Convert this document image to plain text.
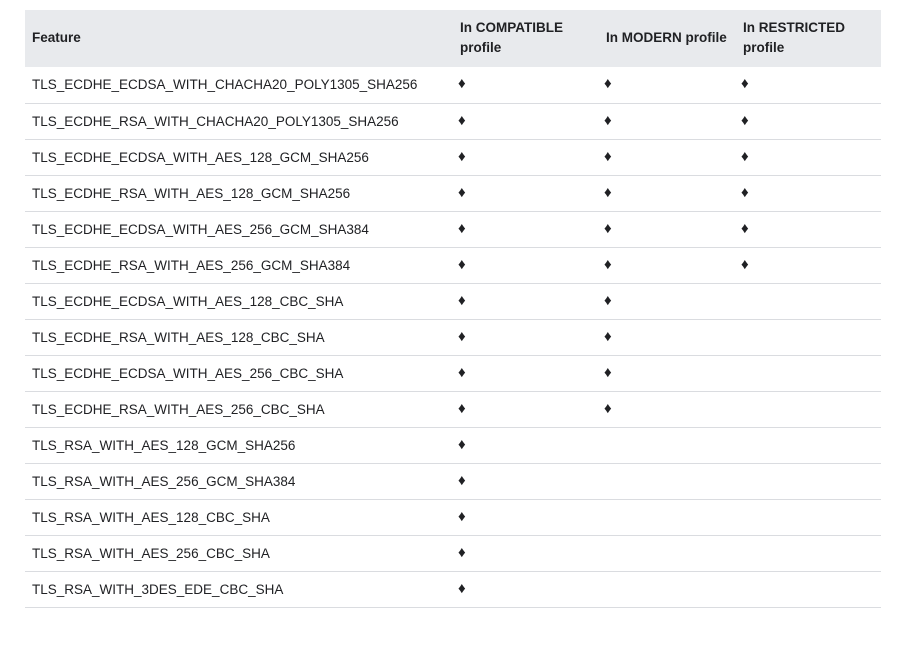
Feature	In COMPATIBLE profile	In MODERN profile	In RESTRICTED profile
TLS_ECDHE_ECDSA_WITH_CHACHA20_POLY1305_SHA256	♦	♦	♦
TLS_ECDHE_RSA_WITH_CHACHA20_POLY1305_SHA256	♦	♦	♦
TLS_ECDHE_ECDSA_WITH_AES_128_GCM_SHA256	♦	♦	♦
TLS_ECDHE_RSA_WITH_AES_128_GCM_SHA256	♦	♦	♦
TLS_ECDHE_ECDSA_WITH_AES_256_GCM_SHA384	♦	♦	♦
TLS_ECDHE_RSA_WITH_AES_256_GCM_SHA384	♦	♦	♦
TLS_ECDHE_ECDSA_WITH_AES_128_CBC_SHA	♦	♦	
TLS_ECDHE_RSA_WITH_AES_128_CBC_SHA	♦	♦	
TLS_ECDHE_ECDSA_WITH_AES_256_CBC_SHA	♦	♦	
TLS_ECDHE_RSA_WITH_AES_256_CBC_SHA	♦	♦	
TLS_RSA_WITH_AES_128_GCM_SHA256	♦		
TLS_RSA_WITH_AES_256_GCM_SHA384	♦		
TLS_RSA_WITH_AES_128_CBC_SHA	♦		
TLS_RSA_WITH_AES_256_CBC_SHA	♦		
TLS_RSA_WITH_3DES_EDE_CBC_SHA	♦		
